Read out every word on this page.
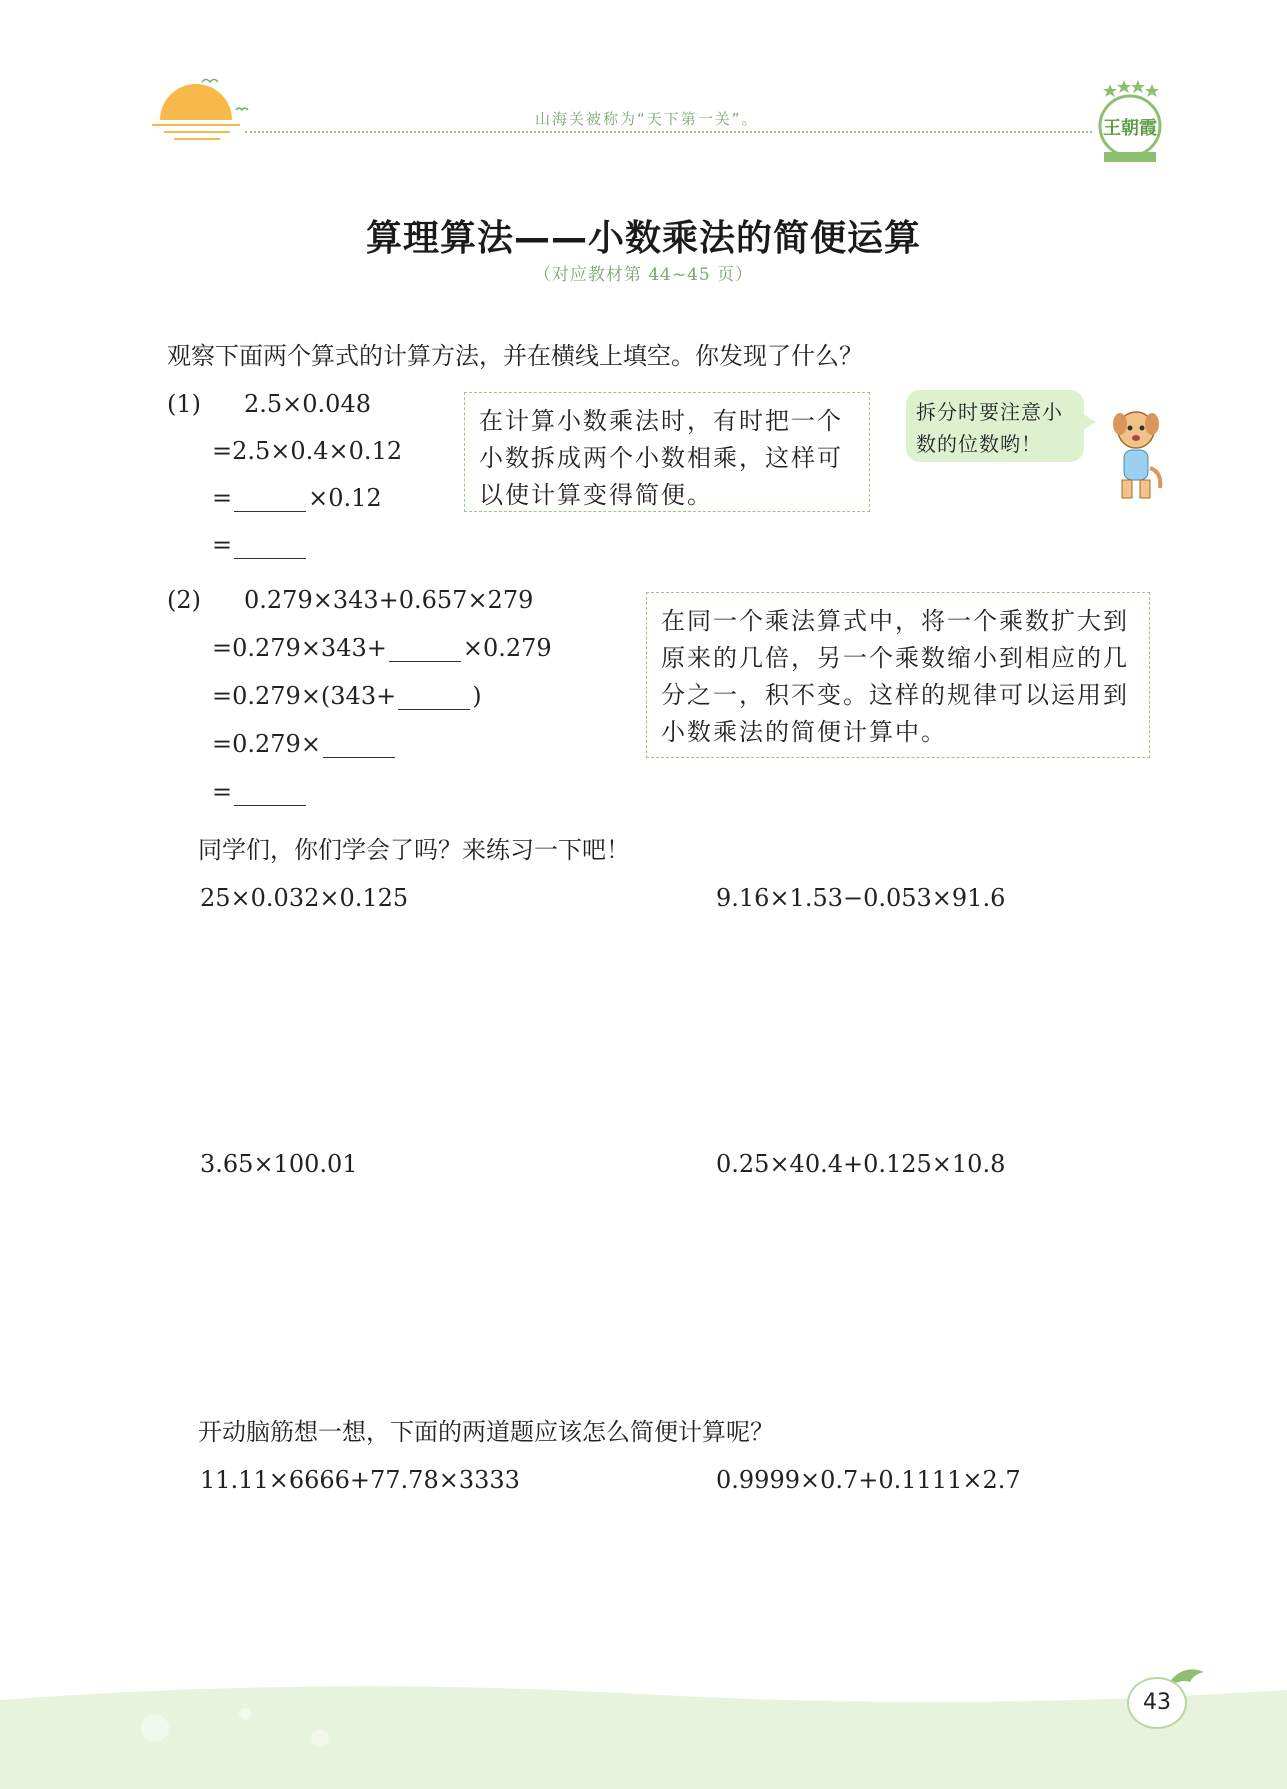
山海关被称为“天下第一关”。	王朝霞
算理算法——小数乘法的简便运算
（对应教材第 44~45 页）
观察下面两个算式的计算方法，并在横线上填空。你发现了什么？
(1) 2.5×0.048
=2.5×0.4×0.12
=	×0.12
=
在计算小数乘法时，有时把一个小数拆成两个小数相乘，这样可以使计算变得简便。
拆分时要注意小数的位数哟！
(2) 0.279×343+0.657×279
=0.279×343+	×0.279
=0.279×(343+	)
=0.279×
=
在同一个乘法算式中，将一个乘数扩大到原来的几倍，另一个乘数缩小到相应的几分之一，积不变。这样的规律可以运用到小数乘法的简便计算中。
同学们，你们学会了吗？来练习一下吧！
25×0.032×0.125	9.16×1.53−0.053×91.6
3.65×100.01	0.25×40.4+0.125×10.8
开动脑筋想一想，下面的两道题应该怎么简便计算呢？
11.11×6666+77.78×3333	0.9999×0.7+0.1111×2.7
43
